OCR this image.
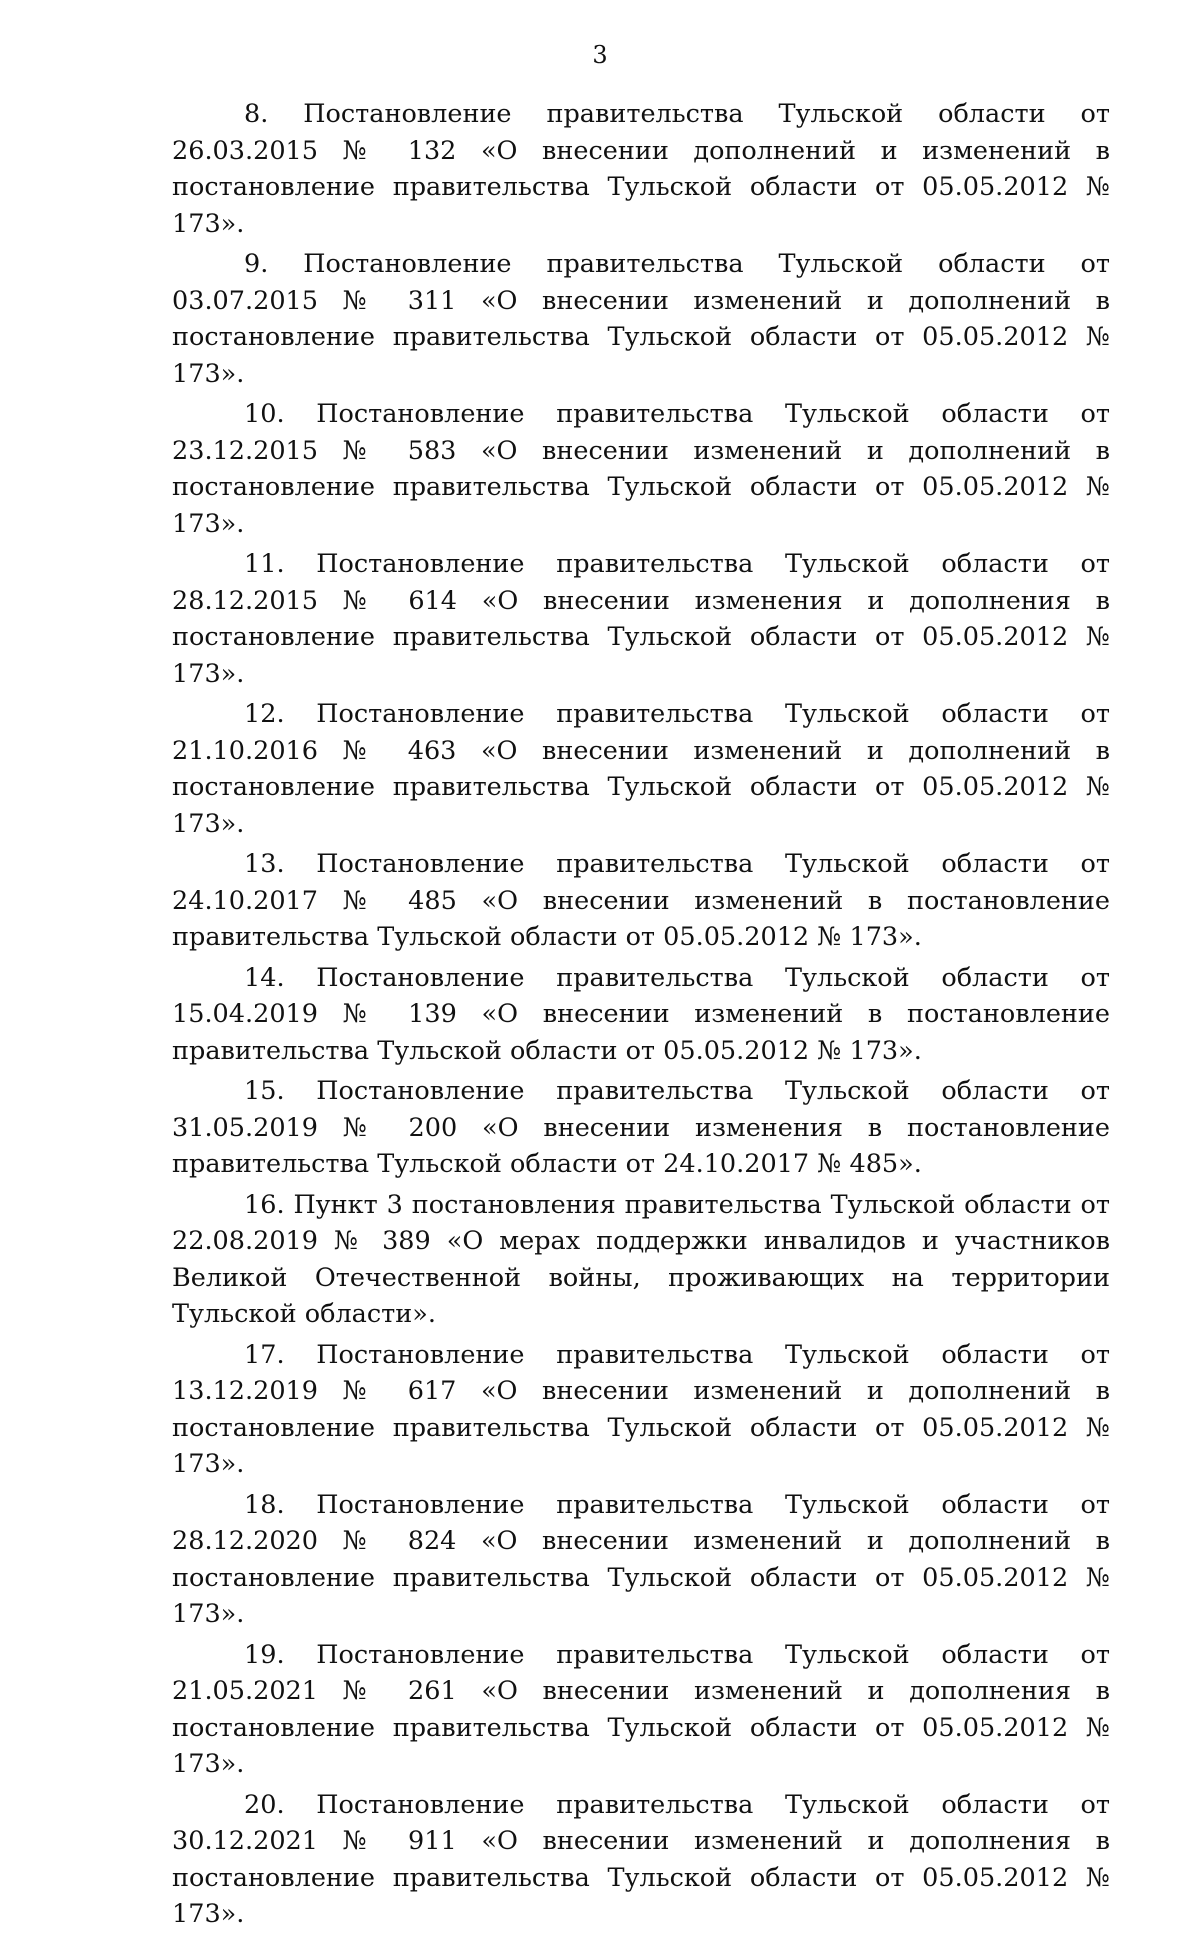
3

8. Постановление правительства Тульской области от 26.03.2015 № 132 «О внесении дополнений и изменений в постановление правительства Тульской области от 05.05.2012 № 173».

9. Постановление правительства Тульской области от 03.07.2015 № 311 «О внесении изменений и дополнений в постановление правительства Тульской области от 05.05.2012 № 173».

10. Постановление правительства Тульской области от 23.12.2015 № 583 «О внесении изменений и дополнений в постановление правительства Тульской области от 05.05.2012 № 173».

11. Постановление правительства Тульской области от 28.12.2015 № 614 «О внесении изменения и дополнения в постановление правительства Тульской области от 05.05.2012 № 173».

12. Постановление правительства Тульской области от 21.10.2016 № 463 «О внесении изменений и дополнений в постановление правительства Тульской области от 05.05.2012 № 173».

13. Постановление правительства Тульской области от 24.10.2017 № 485 «О внесении изменений в постановление правительства Тульской области от 05.05.2012 № 173».

14. Постановление правительства Тульской области от 15.04.2019 № 139 «О внесении изменений в постановление правительства Тульской области от 05.05.2012 № 173».

15. Постановление правительства Тульской области от 31.05.2019 № 200 «О внесении изменения в постановление правительства Тульской области от 24.10.2017 № 485».

16. Пункт 3 постановления правительства Тульской области от 22.08.2019 № 389 «О мерах поддержки инвалидов и участников Великой Отечественной войны, проживающих на территории Тульской области».

17. Постановление правительства Тульской области от 13.12.2019 № 617 «О внесении изменений и дополнений в постановление правительства Тульской области от 05.05.2012 № 173».

18. Постановление правительства Тульской области от 28.12.2020 № 824 «О внесении изменений и дополнений в постановление правительства Тульской области от 05.05.2012 № 173».

19. Постановление правительства Тульской области от 21.05.2021 № 261 «О внесении изменений и дополнения в постановление правительства Тульской области от 05.05.2012 № 173».

20. Постановление правительства Тульской области от 30.12.2021 № 911 «О внесении изменений и дополнения в постановление правительства Тульской области от 05.05.2012 № 173».
